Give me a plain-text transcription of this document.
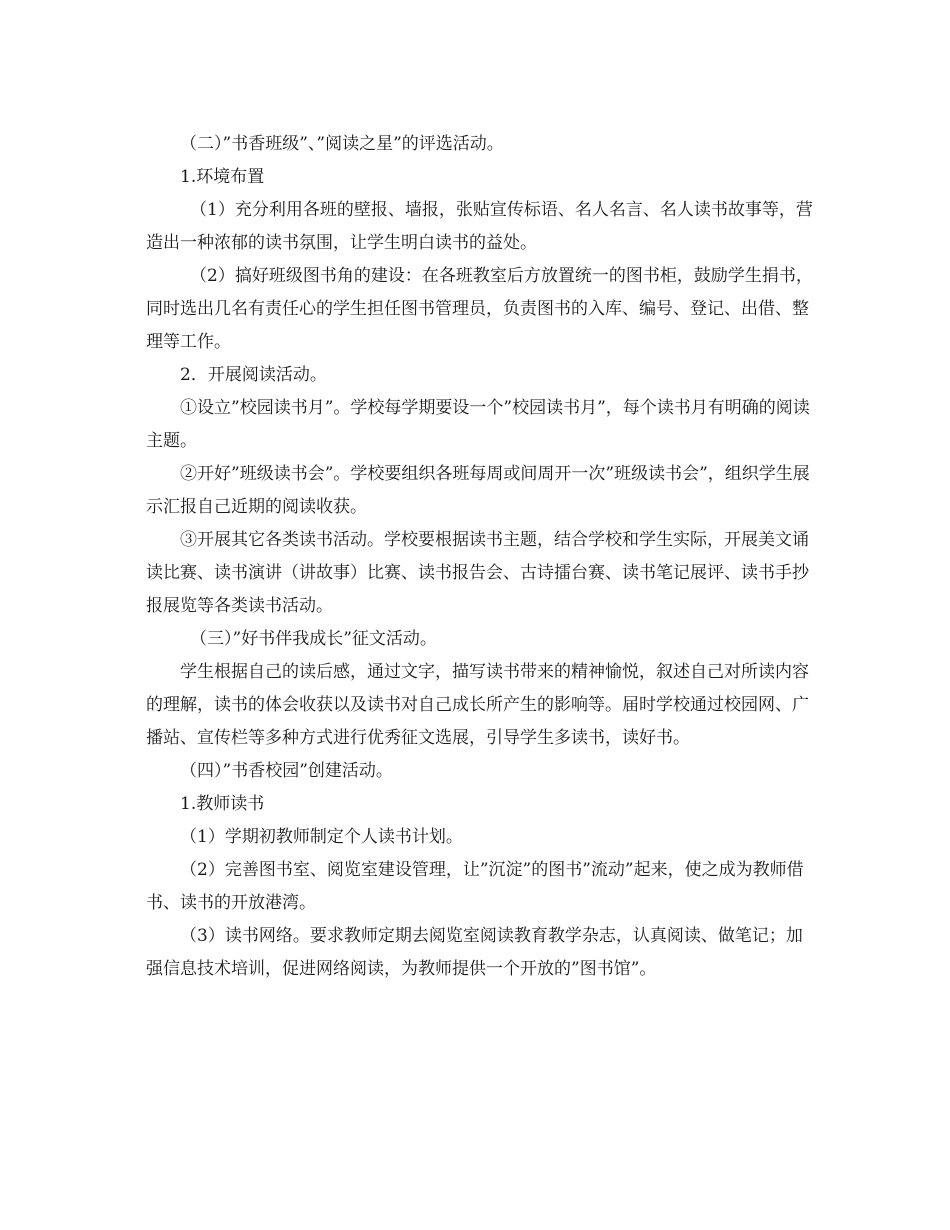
（二）”书香班级”、”阅读之星”的评选活动。

1.环境布置

（1）充分利用各班的壁报、墙报，张贴宣传标语、名人名言、名人读书故事等，营造出一种浓郁的读书氛围，让学生明白读书的益处。

（2）搞好班级图书角的建设：在各班教室后方放置统一的图书柜，鼓励学生捐书，同时选出几名有责任心的学生担任图书管理员，负责图书的入库、编号、登记、出借、整理等工作。

2．开展阅读活动。

①设立”校园读书月”。学校每学期要设一个”校园读书月”，每个读书月有明确的阅读主题。

②开好”班级读书会”。学校要组织各班每周或间周开一次”班级读书会”，组织学生展示汇报自己近期的阅读收获。

③开展其它各类读书活动。学校要根据读书主题，结合学校和学生实际，开展美文诵读比赛、读书演讲（讲故事）比赛、读书报告会、古诗擂台赛、读书笔记展评、读书手抄报展览等各类读书活动。

（三）”好书伴我成长”征文活动。

学生根据自己的读后感，通过文字，描写读书带来的精神愉悦，叙述自己对所读内容的理解，读书的体会收获以及读书对自己成长所产生的影响等。届时学校通过校园网、广播站、宣传栏等多种方式进行优秀征文选展，引导学生多读书，读好书。

（四）”书香校园”创建活动。

1.教师读书

（1）学期初教师制定个人读书计划。

（2）完善图书室、阅览室建设管理，让”沉淀”的图书”流动”起来，使之成为教师借书、读书的开放港湾。

（3）读书网络。要求教师定期去阅览室阅读教育教学杂志，认真阅读、做笔记；加强信息技术培训，促进网络阅读，为教师提供一个开放的”图书馆”。
